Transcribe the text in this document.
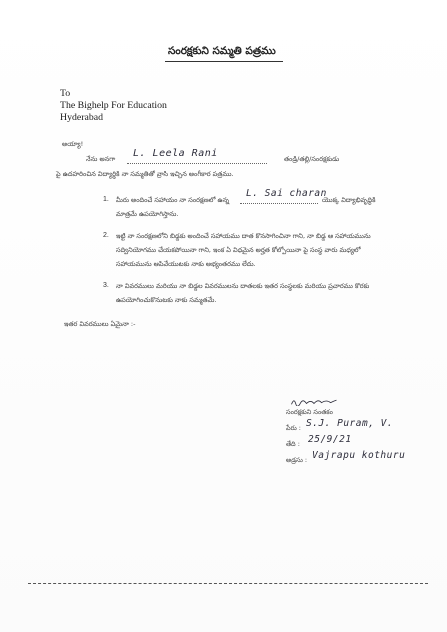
సంరక్షకుని సమ్మతి పత్రము
To
The Bighelp For Education
Hyderabad
అయ్యా!
నేను అనగా L. Leela Rani	తండ్రి/తల్లి/సంరక్షకుడు
పై ఉదహరించిన విద్యార్థికి నా సమ్మతితో వ్రాసి ఇచ్చిన అంగీకార పత్రము.
1. మీరు అందించే సహాయం నా సంరక్షణలో ఉన్న
L. Sai charan
యొక్క విద్యాభివృద్ధికి
మాత్రమే ఉపయోగిస్తాను.
2. ఇట్టి నా సంరక్షణలోని బిడ్డకు అందించే సహాయము దాత కొనసాగించినా గాని, నా బిడ్డ ఆ సహాయమును
సద్వినియోగము చేయకపోయినా గాని, ఇంక ఏ విధమైన అర్హత కోల్పోయినా పై సంస్థ వారు మధ్యలో
సహాయమును ఆపివేయుటకు నాకు అభ్యంతరము లేదు.
3. నా వివరములు మరియు నా బిడ్డల వివరములను దాతలకు ఇతర సంస్థలకు మరియు ప్రచారము కొరకు
ఉపయోగించుకొనుటకు నాకు సమ్మతమే.
ఇతర వివరములు ఏమైనా :-
సంరక్షకుని సంతకం
పేరు : S.J. Puram, V.
తేది : 25/9/21
అడ్రసు : Vajrapu kothuru
